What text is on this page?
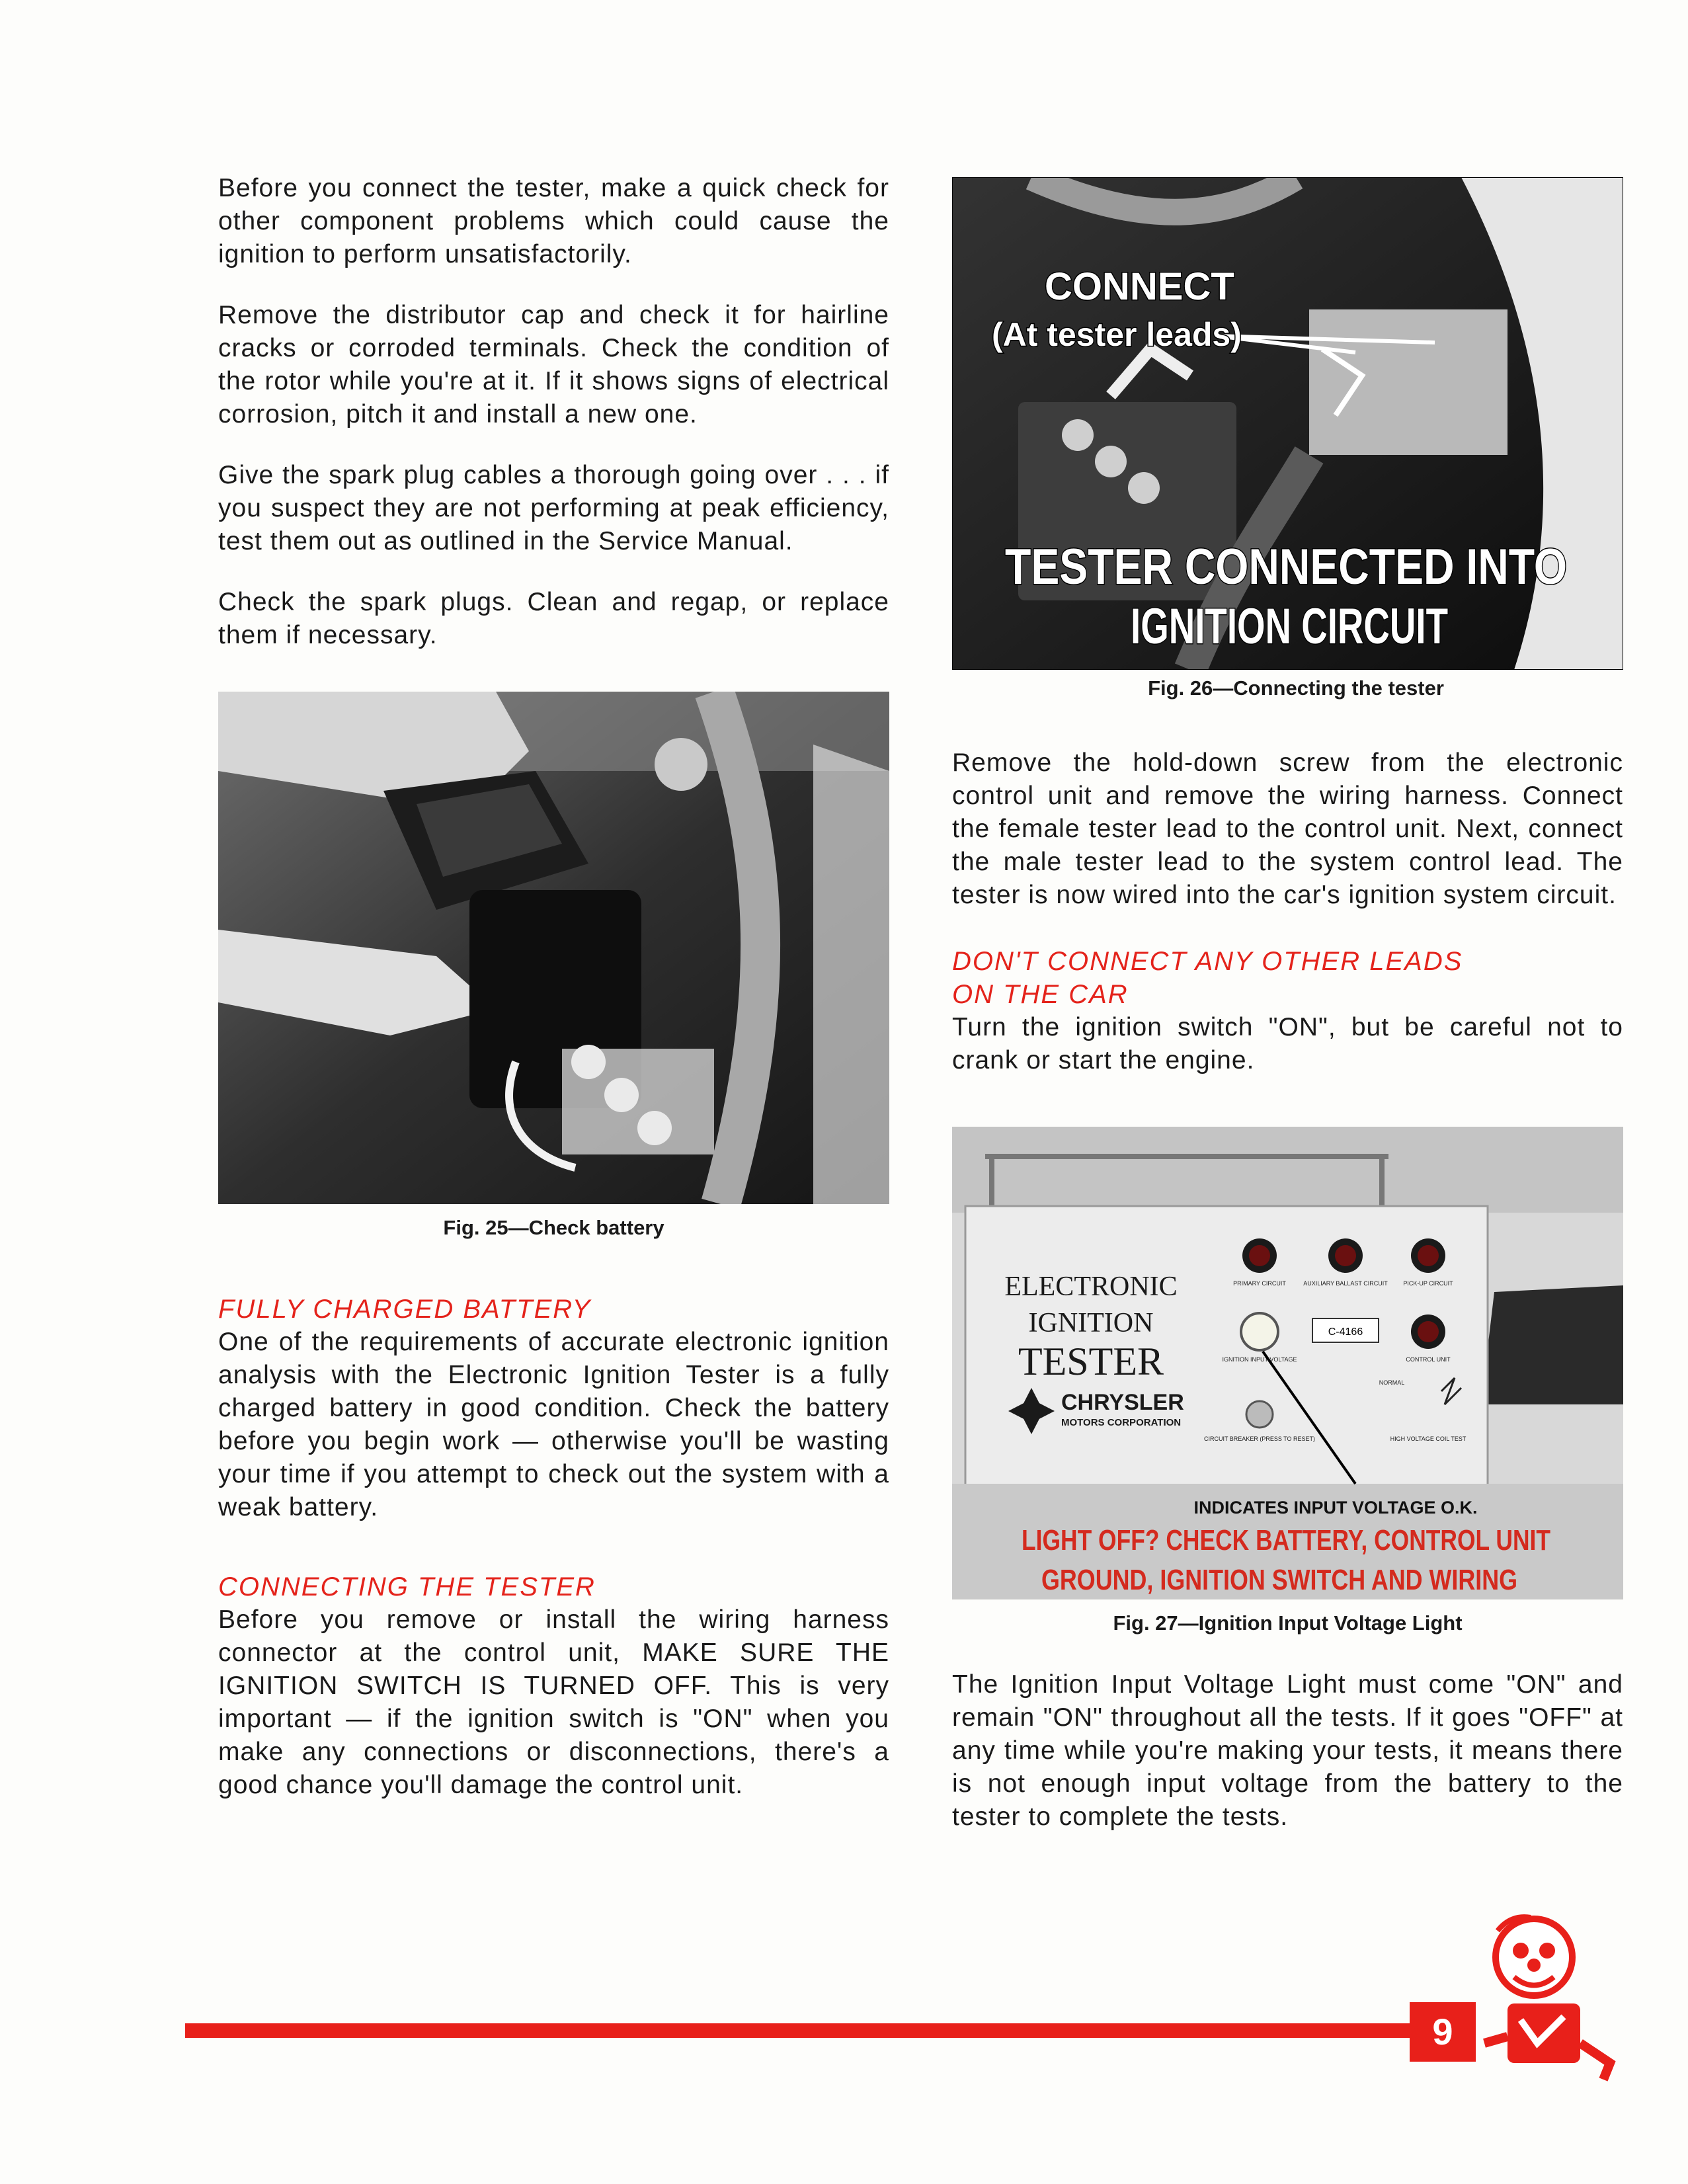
Before you connect the tester, make a quick check for other component problems which could cause the ignition to perform unsatisfactorily.

Remove the distributor cap and check it for hairline cracks or corroded terminals. Check the condition of the rotor while you're at it. If it shows signs of electrical corrosion, pitch it and install a new one.

Give the spark plug cables a thorough going over . . . if you suspect they are not performing at peak efficiency, test them out as outlined in the Service Manual.

Check the spark plugs. Clean and regap, or replace them if necessary.

Fig. 25—Check battery
FULLY CHARGED BATTERY

One of the requirements of accurate electronic ignition analysis with the Electronic Ignition Tester is a fully charged battery in good condition. Check the battery before you begin work — otherwise you'll be wasting your time if you attempt to check out the system with a weak battery.

CONNECTING THE TESTER

Before you remove or install the wiring harness connector at the control unit, MAKE SURE THE IGNITION SWITCH IS TURNED OFF. This is very important — if the ignition switch is "ON" when you make any connections or disconnections, there's a good chance you'll damage the control unit.

CONNECT
(At tester leads)
TESTER CONNECTED INTO
IGNITION CIRCUIT
Fig. 26—Connecting the tester

Remove the hold-down screw from the electronic control unit and remove the wiring harness. Connect the female tester lead to the control unit. Next, connect the male tester lead to the system control lead. The tester is now wired into the car's ignition system circuit.

DON'T CONNECT ANY OTHER LEADS
ON THE CAR

Turn the ignition switch "ON", but be careful not to crank or start the engine.

C-4166
PRIMARY CIRCUIT	AUXILIARY BALLAST CIRCUIT	PICK-UP CIRCUIT
IGNITION INPUT VOLTAGE	CONTROL UNIT
NORMAL
CIRCUIT BREAKER (PRESS TO RESET)	HIGH VOLTAGE COIL TEST
ELECTRONIC
IGNITION
TESTER
CHRYSLER
MOTORS CORPORATION
INDICATES INPUT VOLTAGE O.K.
LIGHT OFF? CHECK BATTERY, CONTROL UNIT
GROUND, IGNITION SWITCH AND WIRING
Fig. 27—Ignition Input Voltage Light

The Ignition Input Voltage Light must come "ON" and remain "ON" throughout all the tests. If it goes "OFF" at any time while you're making your tests, it means there is not enough input voltage from the battery to the tester to complete the tests.

9
